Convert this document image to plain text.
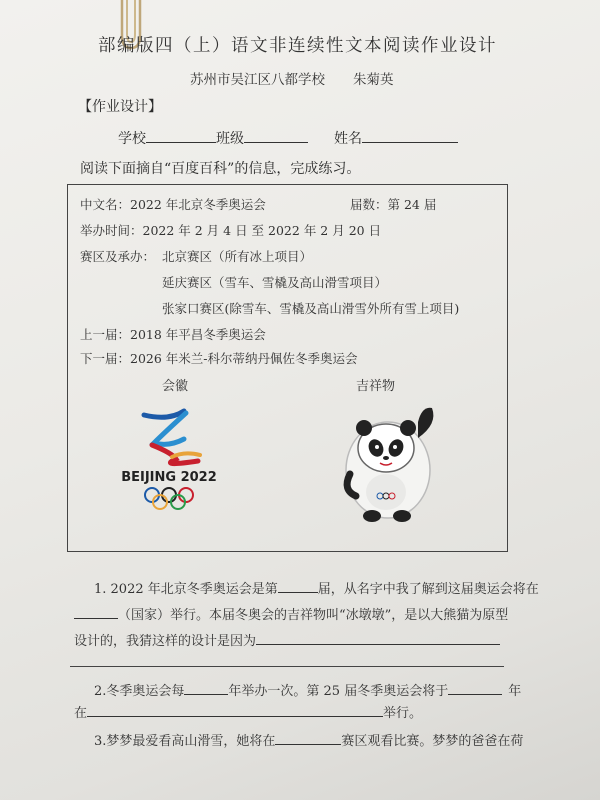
部编版四（上）语文非连续性文本阅读作业设计
苏州市吴江区八都学校 朱菊英
【作业设计】
学校	班级	姓名
阅读下面摘自“百度百科”的信息，完成练习。
中文名：2022 年北京冬季奥运会	届数：第 24 届
举办时间：2022 年 2 月 4 日 至 2022 年 2 月 20 日
赛区及承办： 北京赛区（所有冰上项目）
延庆赛区（雪车、雪橇及高山滑雪项目）
张家口赛区(除雪车、雪橇及高山滑雪外所有雪上项目)
上一届：2018 年平昌冬季奥运会
下一届：2026 年米兰-科尔蒂纳丹佩佐冬季奥运会
会徽	吉祥物
BEIJING 2022
1. 2022 年北京冬季奥运会是第	届，从名字中我了解到这届奥运会将在
（国家）举行。本届冬奥会的吉祥物叫“冰墩墩”，是以大熊猫为原型
设计的，我猜这样的设计是因为
2.冬季奥运会每	年举办一次。第 25 届冬季奥运会将于	年
在	举行。
3.梦梦最爱看高山滑雪，她将在	赛区观看比赛。梦梦的爸爸在荷
